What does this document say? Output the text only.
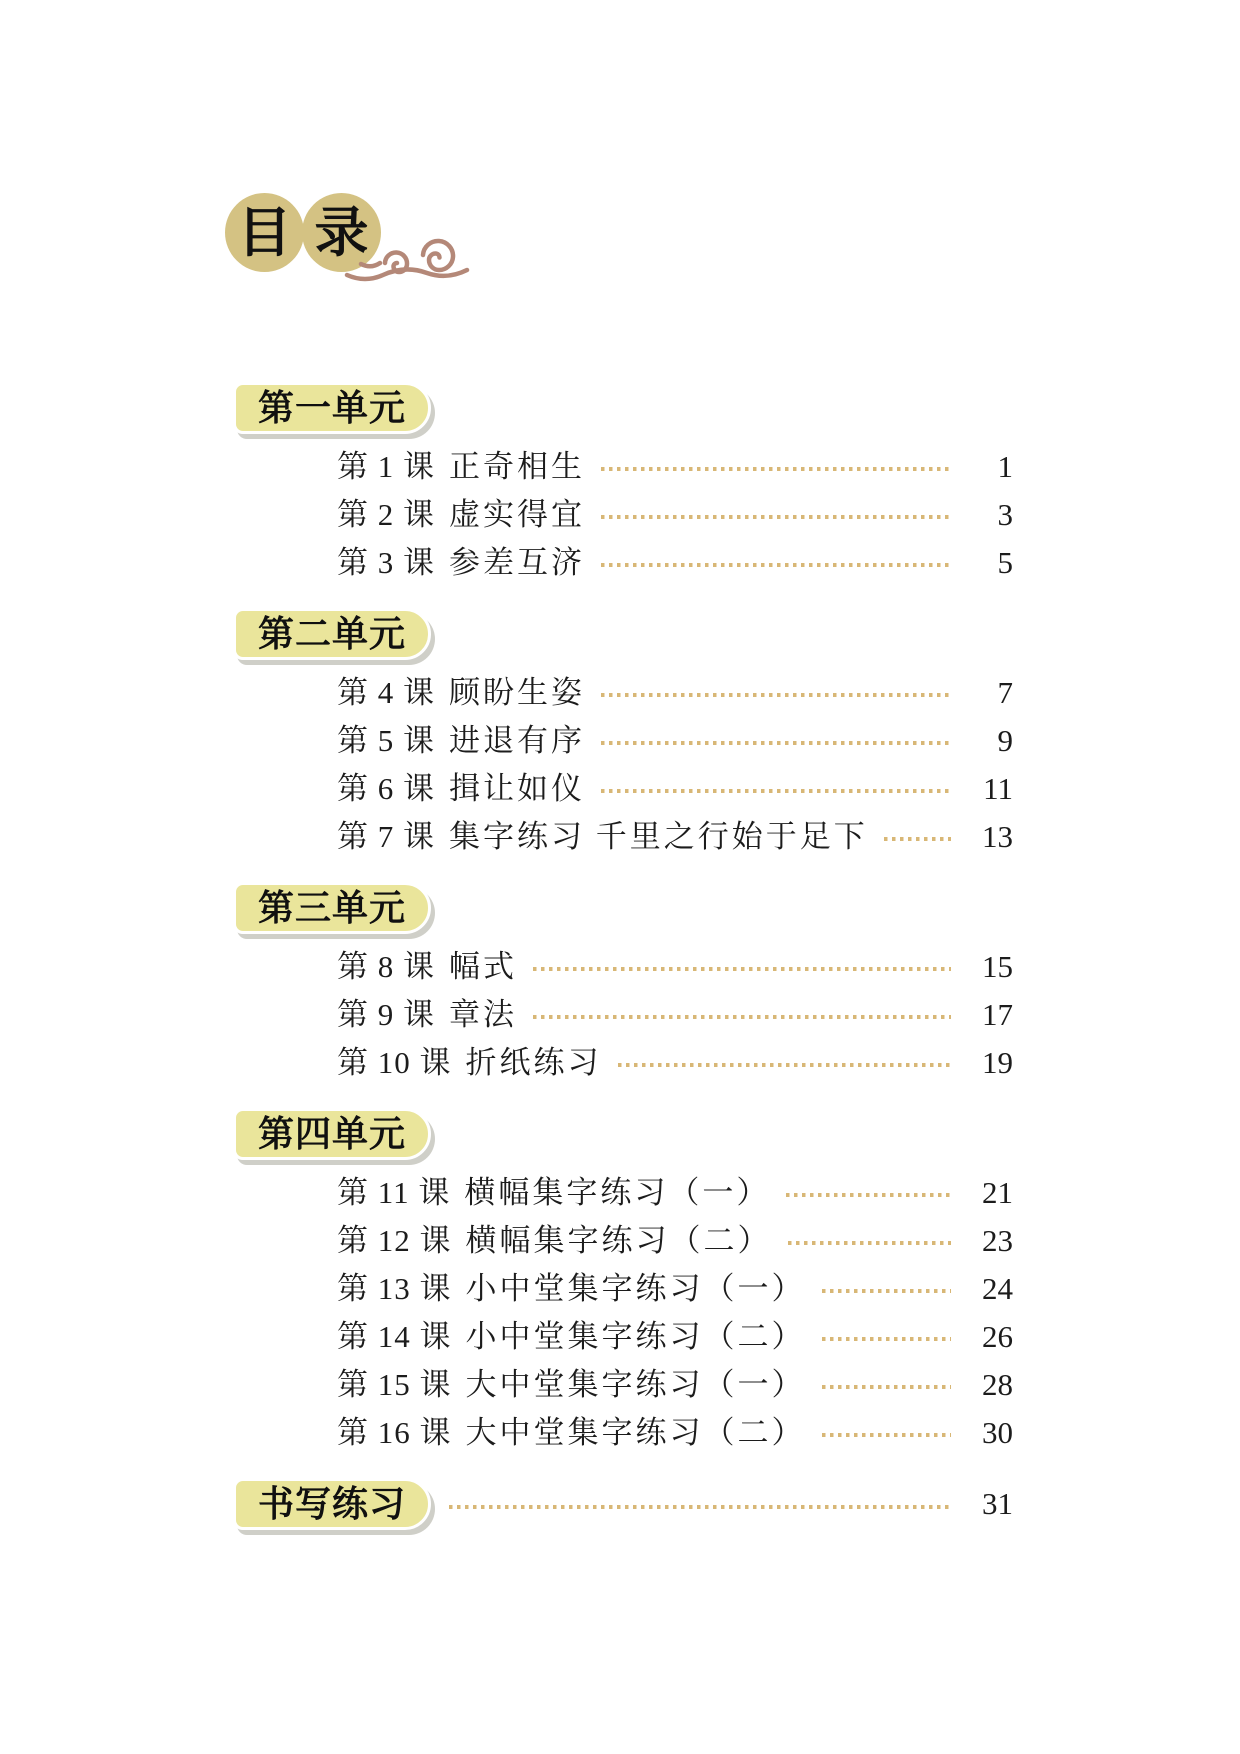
目 录
第一单元
第 1 课 正奇相生	1
第 2 课 虚实得宜	3
第 3 课 参差互济	5
第二单元
第 4 课 顾盼生姿	7
第 5 课 进退有序	9
第 6 课 揖让如仪	11
第 7 课 集字练习 千里之行始于足下	13
第三单元
第 8 课 幅式	15
第 9 课 章法	17
第 10 课 折纸练习	19
第四单元
第 11 课 横幅集字练习（一）	21
第 12 课 横幅集字练习（二）	23
第 13 课 小中堂集字练习（一）	24
第 14 课 小中堂集字练习（二）	26
第 15 课 大中堂集字练习（一）	28
第 16 课 大中堂集字练习（二）	30
书写练习	31
